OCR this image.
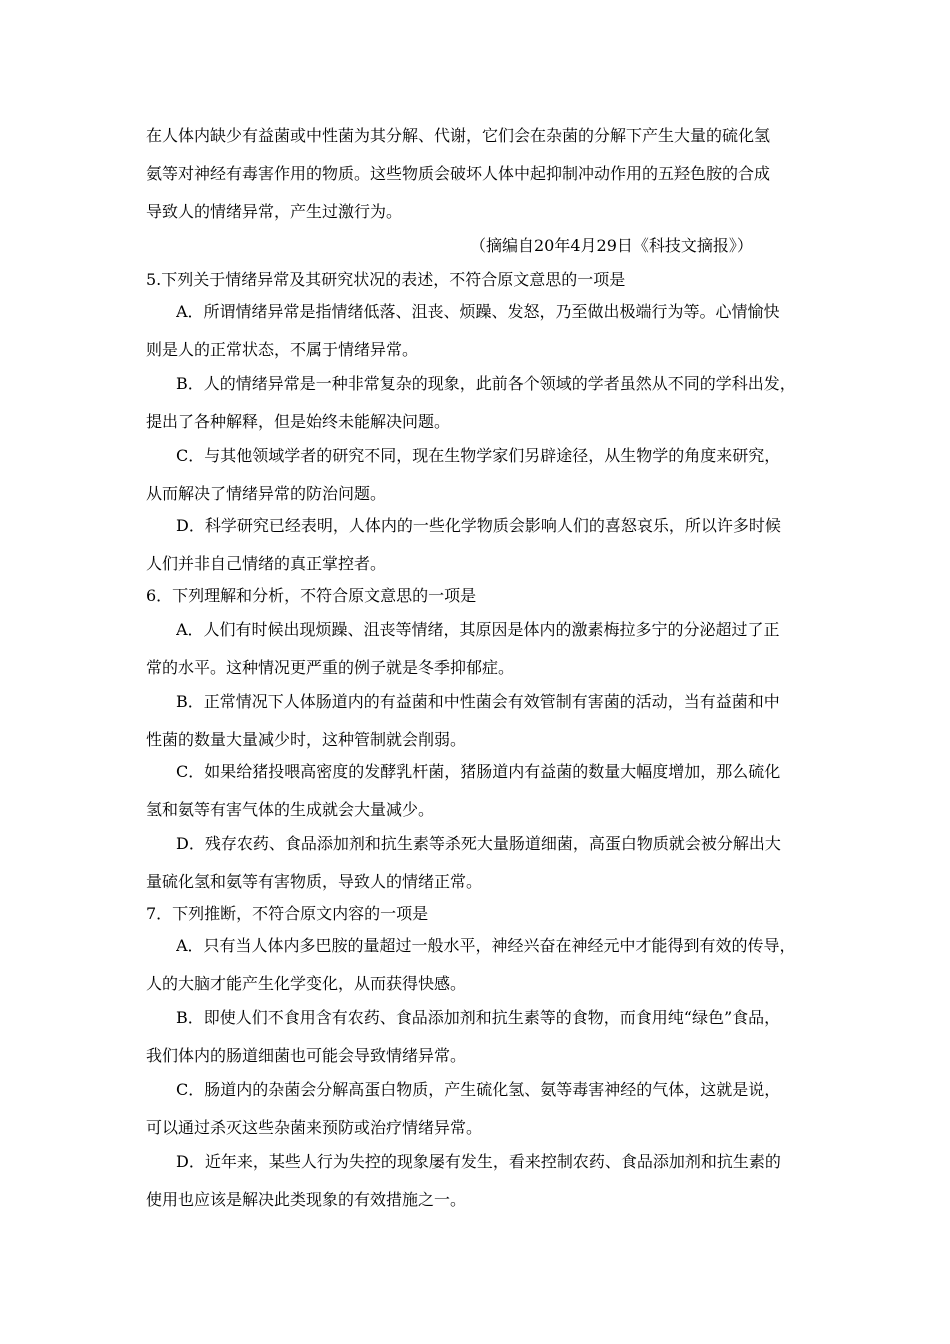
在人体内缺少有益菌或中性菌为其分解、代谢，它们会在杂菌的分解下产生大量的硫化氢
氨等对神经有毒害作用的物质。这些物质会破坏人体中起抑制冲动作用的五羟色胺的合成
导致人的情绪异常，产生过激行为。
（摘编自20年4月29日《科技文摘报》）
5.下列关于情绪异常及其研究状况的表述，不符合原文意思的一项是
A．所谓情绪异常是指情绪低落、沮丧、烦躁、发怒，乃至做出极端行为等。心情愉快
则是人的正常状态，不属于情绪异常。
B．人的情绪异常是一种非常复杂的现象，此前各个领域的学者虽然从不同的学科出发，
提出了各种解释，但是始终未能解决问题。
C．与其他领域学者的研究不同，现在生物学家们另辟途径，从生物学的角度来研究，
从而解决了情绪异常的防治问题。
D．科学研究已经表明，人体内的一些化学物质会影响人们的喜怒哀乐，所以许多时候
人们并非自己情绪的真正掌控者。
6．下列理解和分析，不符合原文意思的一项是
A．人们有时候出现烦躁、沮丧等情绪，其原因是体内的激素梅拉多宁的分泌超过了正
常的水平。这种情况更严重的例子就是冬季抑郁症。
B．正常情况下人体肠道内的有益菌和中性菌会有效管制有害菌的活动，当有益菌和中
性菌的数量大量减少时，这种管制就会削弱。
C．如果给猪投喂高密度的发酵乳杆菌，猪肠道内有益菌的数量大幅度增加，那么硫化
氢和氨等有害气体的生成就会大量减少。
D．残存农药、食品添加剂和抗生素等杀死大量肠道细菌，高蛋白物质就会被分解出大
量硫化氢和氨等有害物质，导致人的情绪正常。
7．下列推断，不符合原文内容的一项是
A．只有当人体内多巴胺的量超过一般水平，神经兴奋在神经元中才能得到有效的传导，
人的大脑才能产生化学变化，从而获得快感。
B．即使人们不食用含有农药、食品添加剂和抗生素等的食物，而食用纯“绿色”食品，
我们体内的肠道细菌也可能会导致情绪异常。
C．肠道内的杂菌会分解高蛋白物质，产生硫化氢、氨等毒害神经的气体，这就是说，
可以通过杀灭这些杂菌来预防或治疗情绪异常。
D．近年来，某些人行为失控的现象屡有发生，看来控制农药、食品添加剂和抗生素的
使用也应该是解决此类现象的有效措施之一。
